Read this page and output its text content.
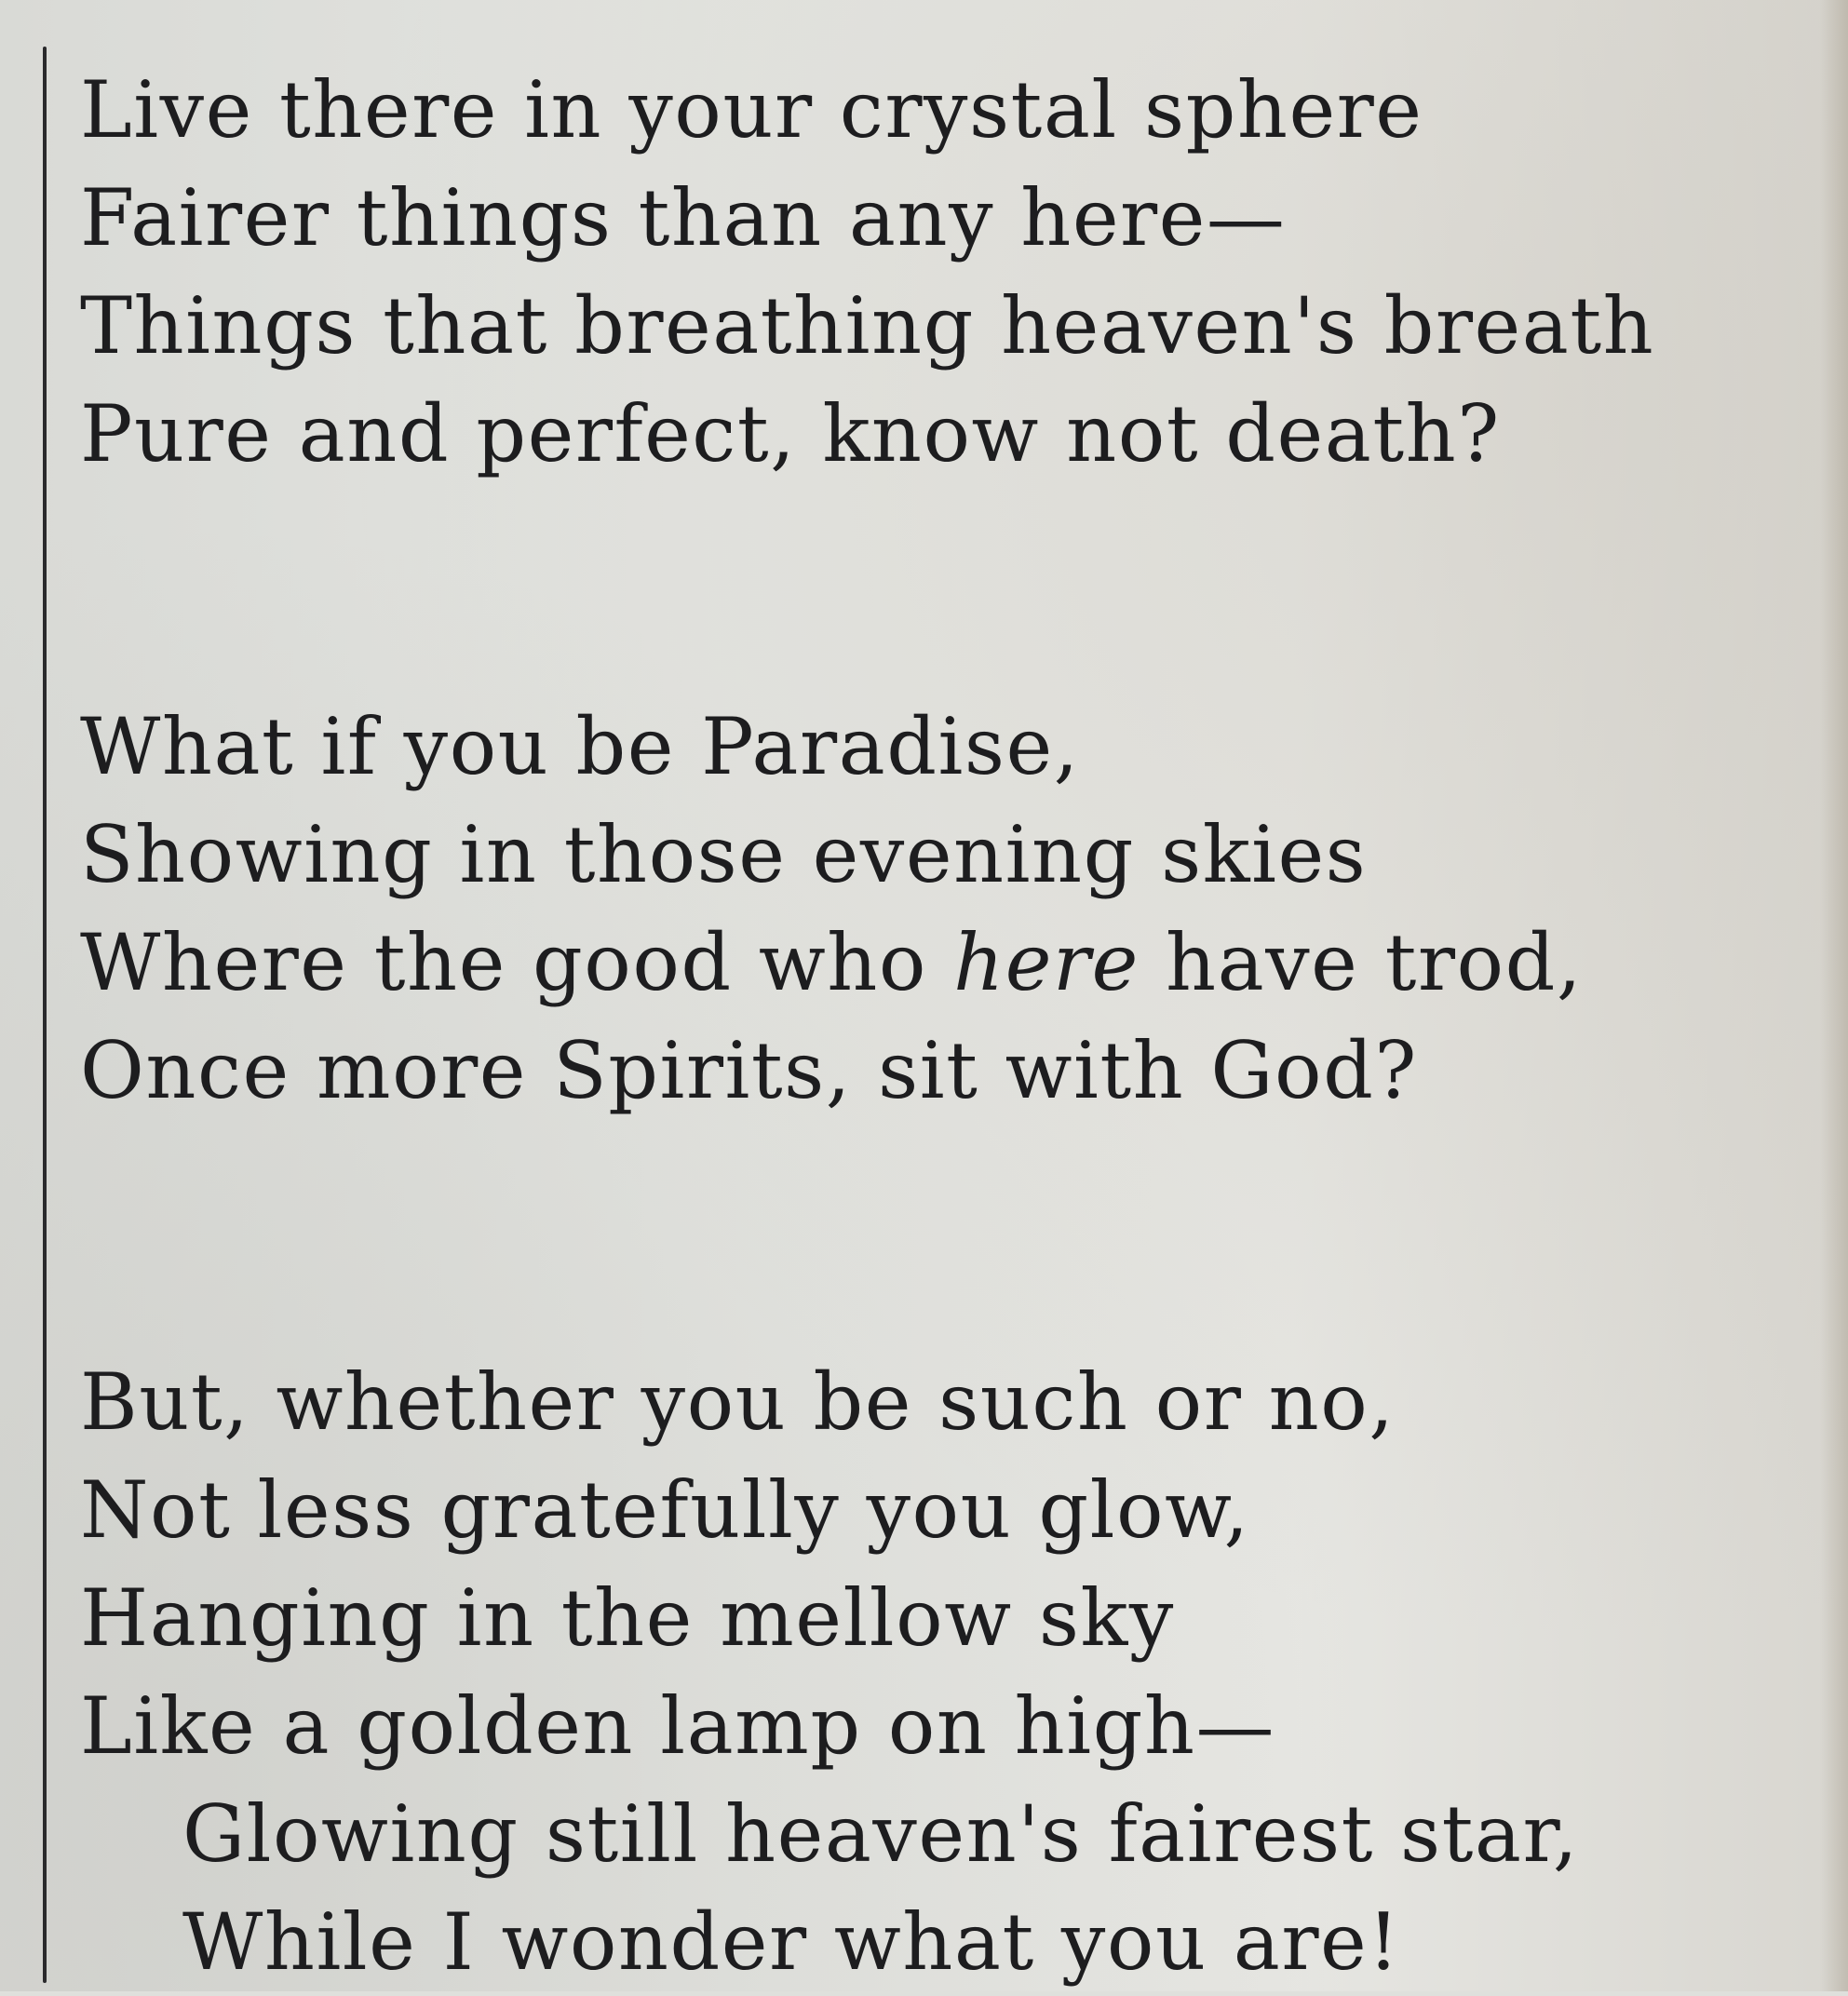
Live there in your crystal sphere
Fairer things than any here—
Things that breathing heaven's breath
Pure and perfect, know not death?
What if you be Paradise,
Showing in those evening skies
Where the good who here have trod,
Once more Spirits, sit with God?
But, whether you be such or no,
Not less gratefully you glow,
Hanging in the mellow sky
Like a golden lamp on high—
Glowing still heaven's fairest star,
While I wonder what you are!
